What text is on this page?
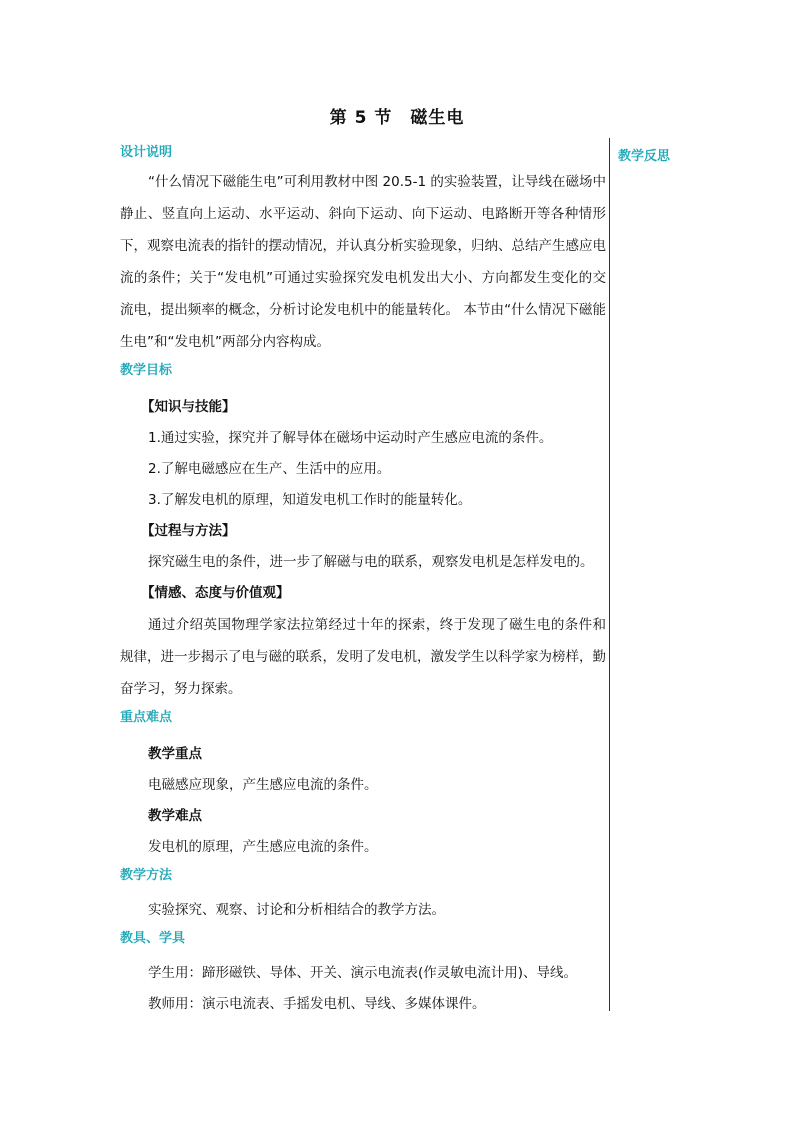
第 5 节 磁生电
教学反思
设计说明
“什么情况下磁能生电”可利用教材中图 20.5-1 的实验装置，让导线在磁场中静止、竖直向上运动、水平运动、斜向下运动、向下运动、电路断开等各种情形下，观察电流表的指针的摆动情况，并认真分析实验现象，归纳、总结产生感应电流的条件；关于“发电机”可通过实验探究发电机发出大小、方向都发生变化的交流电，提出频率的概念，分析讨论发电机中的能量转化。 本节由“什么情况下磁能生电”和“发电机”两部分内容构成。
教学目标
【知识与技能】
1.通过实验，探究并了解导体在磁场中运动时产生感应电流的条件。
2.了解电磁感应在生产、生活中的应用。
3.了解发电机的原理，知道发电机工作时的能量转化。
【过程与方法】
探究磁生电的条件，进一步了解磁与电的联系，观察发电机是怎样发电的。
【情感、态度与价值观】
通过介绍英国物理学家法拉第经过十年的探索，终于发现了磁生电的条件和规律，进一步揭示了电与磁的联系，发明了发电机，激发学生以科学家为榜样，勤奋学习，努力探索。
重点难点
教学重点
电磁感应现象，产生感应电流的条件。
教学难点
发电机的原理，产生感应电流的条件。
教学方法
实验探究、观察、讨论和分析相结合的教学方法。
教具、学具
学生用：蹄形磁铁、导体、开关、演示电流表(作灵敏电流计用)、导线。
教师用：演示电流表、手摇发电机、导线、多媒体课件。
